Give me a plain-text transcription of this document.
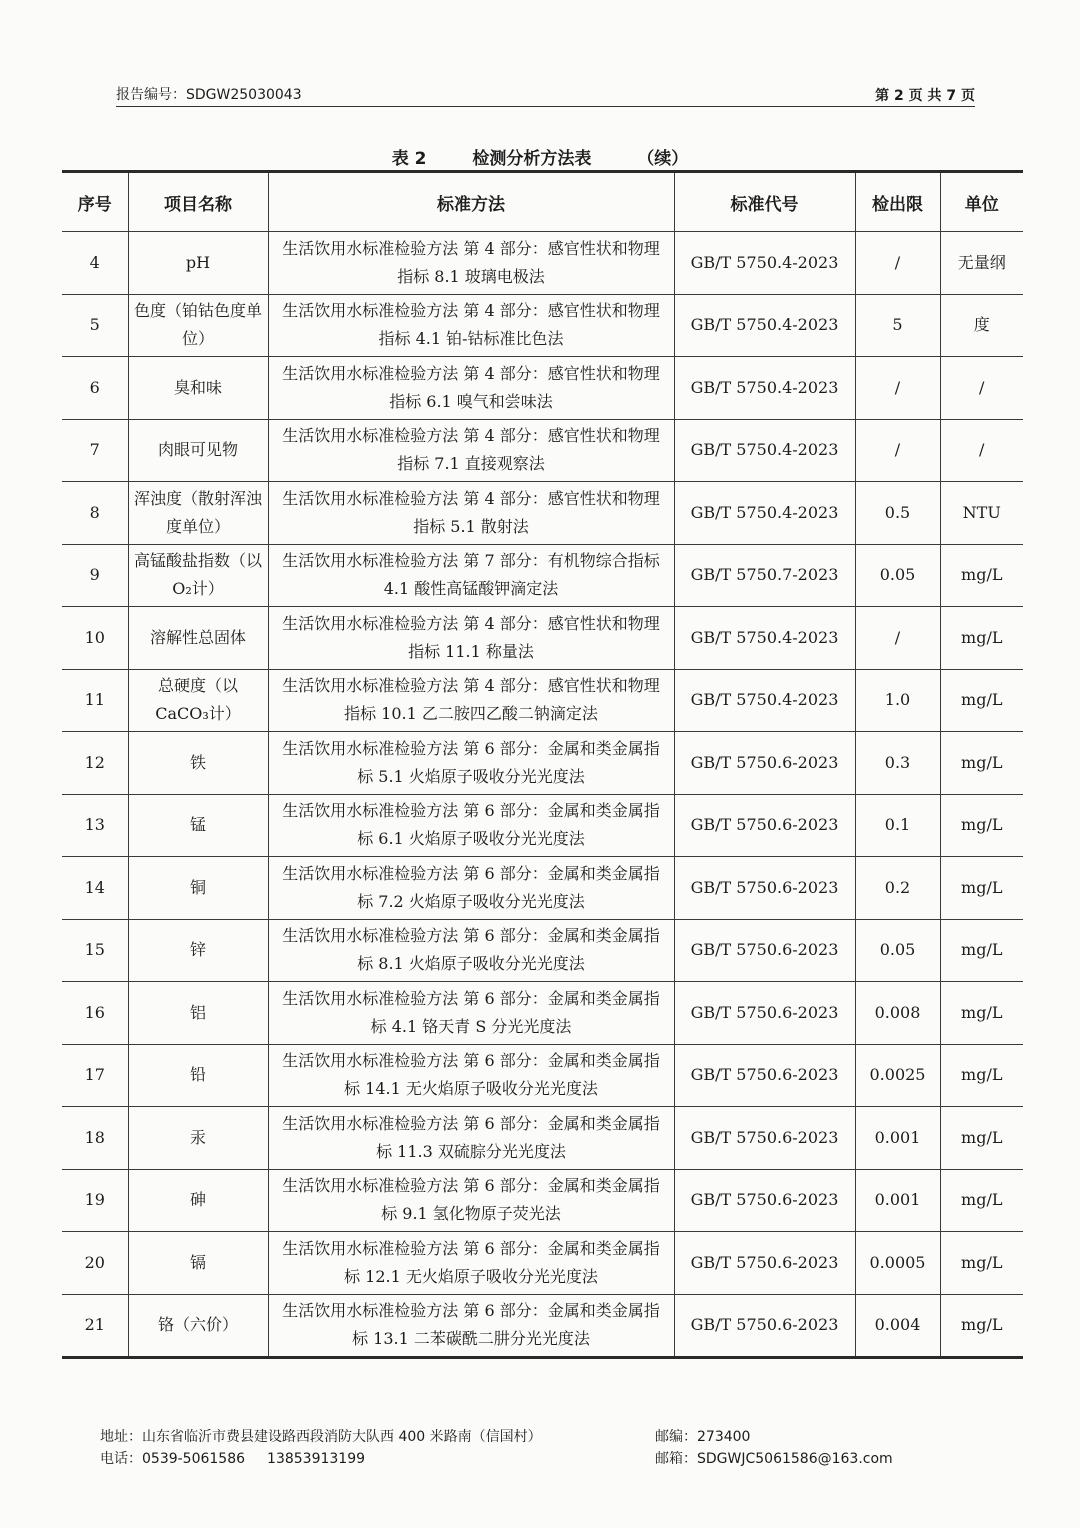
报告编号：SDGW25030043	第 2 页 共 7 页
表 2	检测分析方法表	（续）
序号	项目名称	标准方法	标准代号	检出限	单位
4	pH	生活饮用水标准检验方法 第 4 部分：感官性状和物理指标 8.1 玻璃电极法	GB/T 5750.4-2023	/	无量纲
5	色度（铂钴色度单位）	生活饮用水标准检验方法 第 4 部分：感官性状和物理指标 4.1 铂-钴标准比色法	GB/T 5750.4-2023	5	度
6	臭和味	生活饮用水标准检验方法 第 4 部分：感官性状和物理指标 6.1 嗅气和尝味法	GB/T 5750.4-2023	/	/
7	肉眼可见物	生活饮用水标准检验方法 第 4 部分：感官性状和物理指标 7.1 直接观察法	GB/T 5750.4-2023	/	/
8	浑浊度（散射浑浊度单位）	生活饮用水标准检验方法 第 4 部分：感官性状和物理指标 5.1 散射法	GB/T 5750.4-2023	0.5	NTU
9	高锰酸盐指数（以 O₂计）	生活饮用水标准检验方法 第 7 部分：有机物综合指标 4.1 酸性高锰酸钾滴定法	GB/T 5750.7-2023	0.05	mg/L
10	溶解性总固体	生活饮用水标准检验方法 第 4 部分：感官性状和物理指标 11.1 称量法	GB/T 5750.4-2023	/	mg/L
11	总硬度（以 CaCO₃计）	生活饮用水标准检验方法 第 4 部分：感官性状和物理指标 10.1 乙二胺四乙酸二钠滴定法	GB/T 5750.4-2023	1.0	mg/L
12	铁	生活饮用水标准检验方法 第 6 部分：金属和类金属指标 5.1 火焰原子吸收分光光度法	GB/T 5750.6-2023	0.3	mg/L
13	锰	生活饮用水标准检验方法 第 6 部分：金属和类金属指标 6.1 火焰原子吸收分光光度法	GB/T 5750.6-2023	0.1	mg/L
14	铜	生活饮用水标准检验方法 第 6 部分：金属和类金属指标 7.2 火焰原子吸收分光光度法	GB/T 5750.6-2023	0.2	mg/L
15	锌	生活饮用水标准检验方法 第 6 部分：金属和类金属指标 8.1 火焰原子吸收分光光度法	GB/T 5750.6-2023	0.05	mg/L
16	铝	生活饮用水标准检验方法 第 6 部分：金属和类金属指标 4.1 铬天青 S 分光光度法	GB/T 5750.6-2023	0.008	mg/L
17	铅	生活饮用水标准检验方法 第 6 部分：金属和类金属指标 14.1 无火焰原子吸收分光光度法	GB/T 5750.6-2023	0.0025	mg/L
18	汞	生活饮用水标准检验方法 第 6 部分：金属和类金属指标 11.3 双硫腙分光光度法	GB/T 5750.6-2023	0.001	mg/L
19	砷	生活饮用水标准检验方法 第 6 部分：金属和类金属指标 9.1 氢化物原子荧光法	GB/T 5750.6-2023	0.001	mg/L
20	镉	生活饮用水标准检验方法 第 6 部分：金属和类金属指标 12.1 无火焰原子吸收分光光度法	GB/T 5750.6-2023	0.0005	mg/L
21	铬（六价）	生活饮用水标准检验方法 第 6 部分：金属和类金属指标 13.1 二苯碳酰二肼分光光度法	GB/T 5750.6-2023	0.004	mg/L
地址：山东省临沂市费县建设路西段消防大队西 400 米路南（信国村）
电话：0539-5061586 13853913199
邮编：273400
邮箱：SDGWJC5061586@163.com
